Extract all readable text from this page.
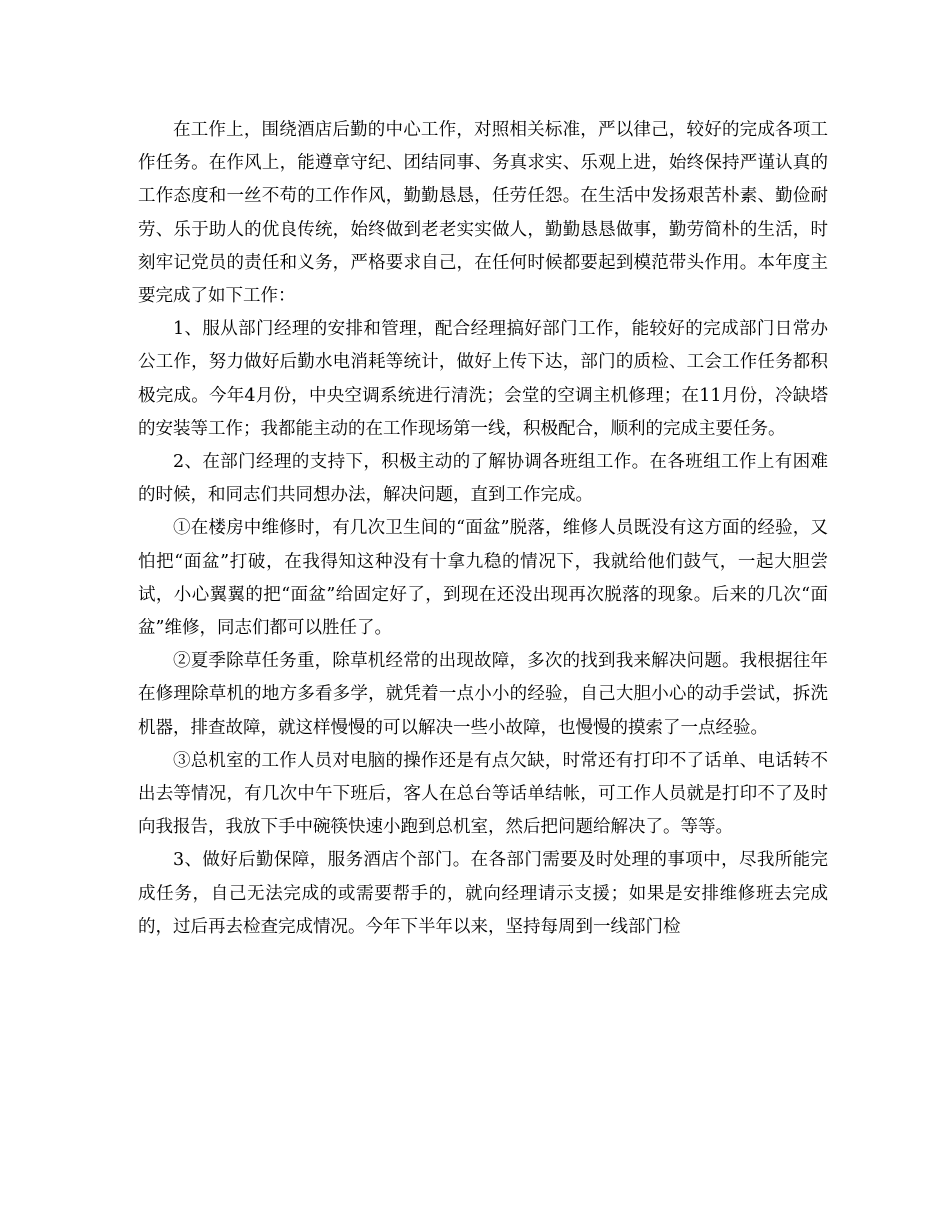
在工作上，围绕酒店后勤的中心工作，对照相关标准，严以律己，较好的完成各项工作任务。在作风上，能遵章守纪、团结同事、务真求实、乐观上进，始终保持严谨认真的工作态度和一丝不苟的工作作风，勤勤恳恳，任劳任怨。在生活中发扬艰苦朴素、勤俭耐劳、乐于助人的优良传统，始终做到老老实实做人，勤勤恳恳做事，勤劳简朴的生活，时刻牢记党员的责任和义务，严格要求自己，在任何时候都要起到模范带头作用。本年度主要完成了如下工作：

1、服从部门经理的安排和管理，配合经理搞好部门工作，能较好的完成部门日常办公工作，努力做好后勤水电消耗等统计，做好上传下达，部门的质检、工会工作任务都积极完成。今年4月份，中央空调系统进行清洗；会堂的空调主机修理；在11月份，冷缺塔的安装等工作；我都能主动的在工作现场第一线，积极配合，顺利的完成主要任务。

2、在部门经理的支持下，积极主动的了解协调各班组工作。在各班组工作上有困难的时候，和同志们共同想办法，解决问题，直到工作完成。

①在楼房中维修时，有几次卫生间的“面盆”脱落，维修人员既没有这方面的经验，又怕把“面盆”打破，在我得知这种没有十拿九稳的情况下，我就给他们鼓气，一起大胆尝试，小心翼翼的把“面盆”给固定好了，到现在还没出现再次脱落的现象。后来的几次“面盆”维修，同志们都可以胜任了。

②夏季除草任务重，除草机经常的出现故障，多次的找到我来解决问题。我根据往年在修理除草机的地方多看多学，就凭着一点小小的经验，自己大胆小心的动手尝试，拆洗机器，排查故障，就这样慢慢的可以解决一些小故障，也慢慢的摸索了一点经验。

③总机室的工作人员对电脑的操作还是有点欠缺，时常还有打印不了话单、电话转不出去等情况，有几次中午下班后，客人在总台等话单结帐，可工作人员就是打印不了及时向我报告，我放下手中碗筷快速小跑到总机室，然后把问题给解决了。等等。

3、做好后勤保障，服务酒店个部门。在各部门需要及时处理的事项中，尽我所能完成任务，自己无法完成的或需要帮手的，就向经理请示支援；如果是安排维修班去完成的，过后再去检查完成情况。今年下半年以来，坚持每周到一线部门检
